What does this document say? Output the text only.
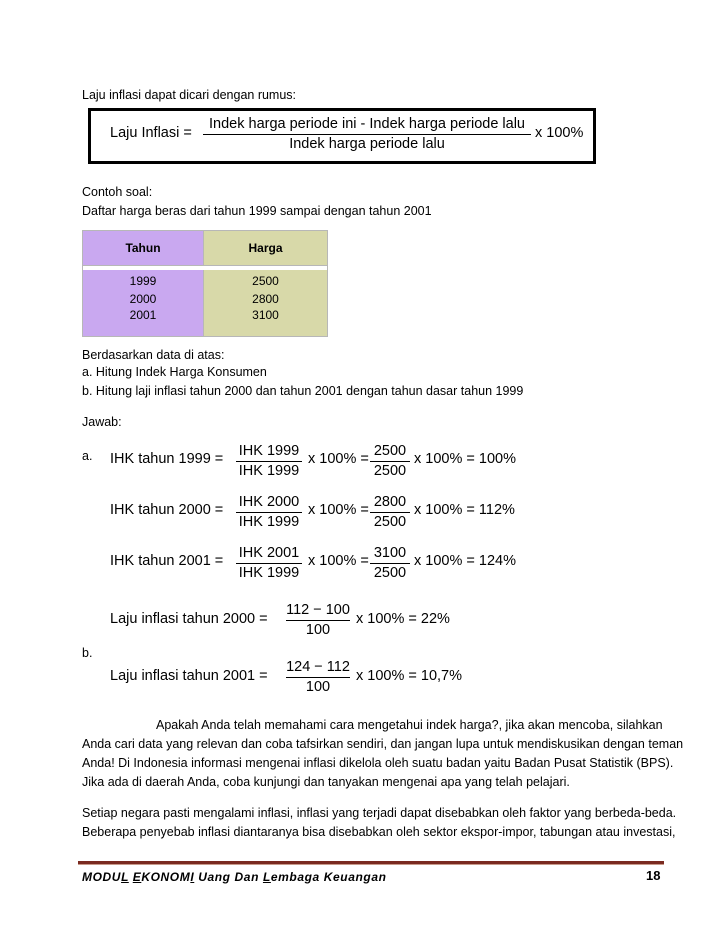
Laju inflasi dapat dicari dengan rumus:
Laju Inflasi =
Indek harga periode ini - Indek harga periode lalu
Indek harga periode lalu
x 100%
Contoh soal:
Daftar harga beras dari tahun 1999 sampai dengan tahun 2001
Tahun	Harga

1999	2500
2000	2800
2001	3100
Berdasarkan data di atas:
a. Hitung Indek Harga Konsumen
b. Hitung laji inflasi tahun 2000 dan tahun 2001 dengan tahun dasar tahun 1999
Jawab:
a. IHK tahun 1999 = IHK 1999
IHK 1999
x 100% = 2500
2500
x 100% = 100%
IHK tahun 2000 = IHK 2000
IHK 1999
x 100% = 2800
2500
x 100% = 112%
IHK tahun 2001 = IHK 2001
IHK 1999
x 100% = 3100
2500
x 100% = 124%
Laju inflasi tahun 2000 =
112 − 100
100
x 100% = 22%
b.
Laju inflasi tahun 2001 =
124 − 112
100
x 100% = 10,7%
Apakah Anda telah memahami cara mengetahui indek harga?, jika akan mencoba, silahkan
Anda cari data yang relevan dan coba tafsirkan sendiri, dan jangan lupa untuk mendiskusikan dengan teman
Anda! Di Indonesia informasi mengenai inflasi dikelola oleh suatu badan yaitu Badan Pusat Statistik (BPS).
Jika ada di daerah Anda, coba kunjungi dan tanyakan mengenai apa yang telah pelajari.
Setiap negara pasti mengalami inflasi, inflasi yang terjadi dapat disebabkan oleh faktor yang berbeda-beda.
Beberapa penyebab inflasi diantaranya bisa disebabkan oleh sektor ekspor-impor, tabungan atau investasi,
MODUL EKONOMI Uang Dan Lembaga Keuangan	18
